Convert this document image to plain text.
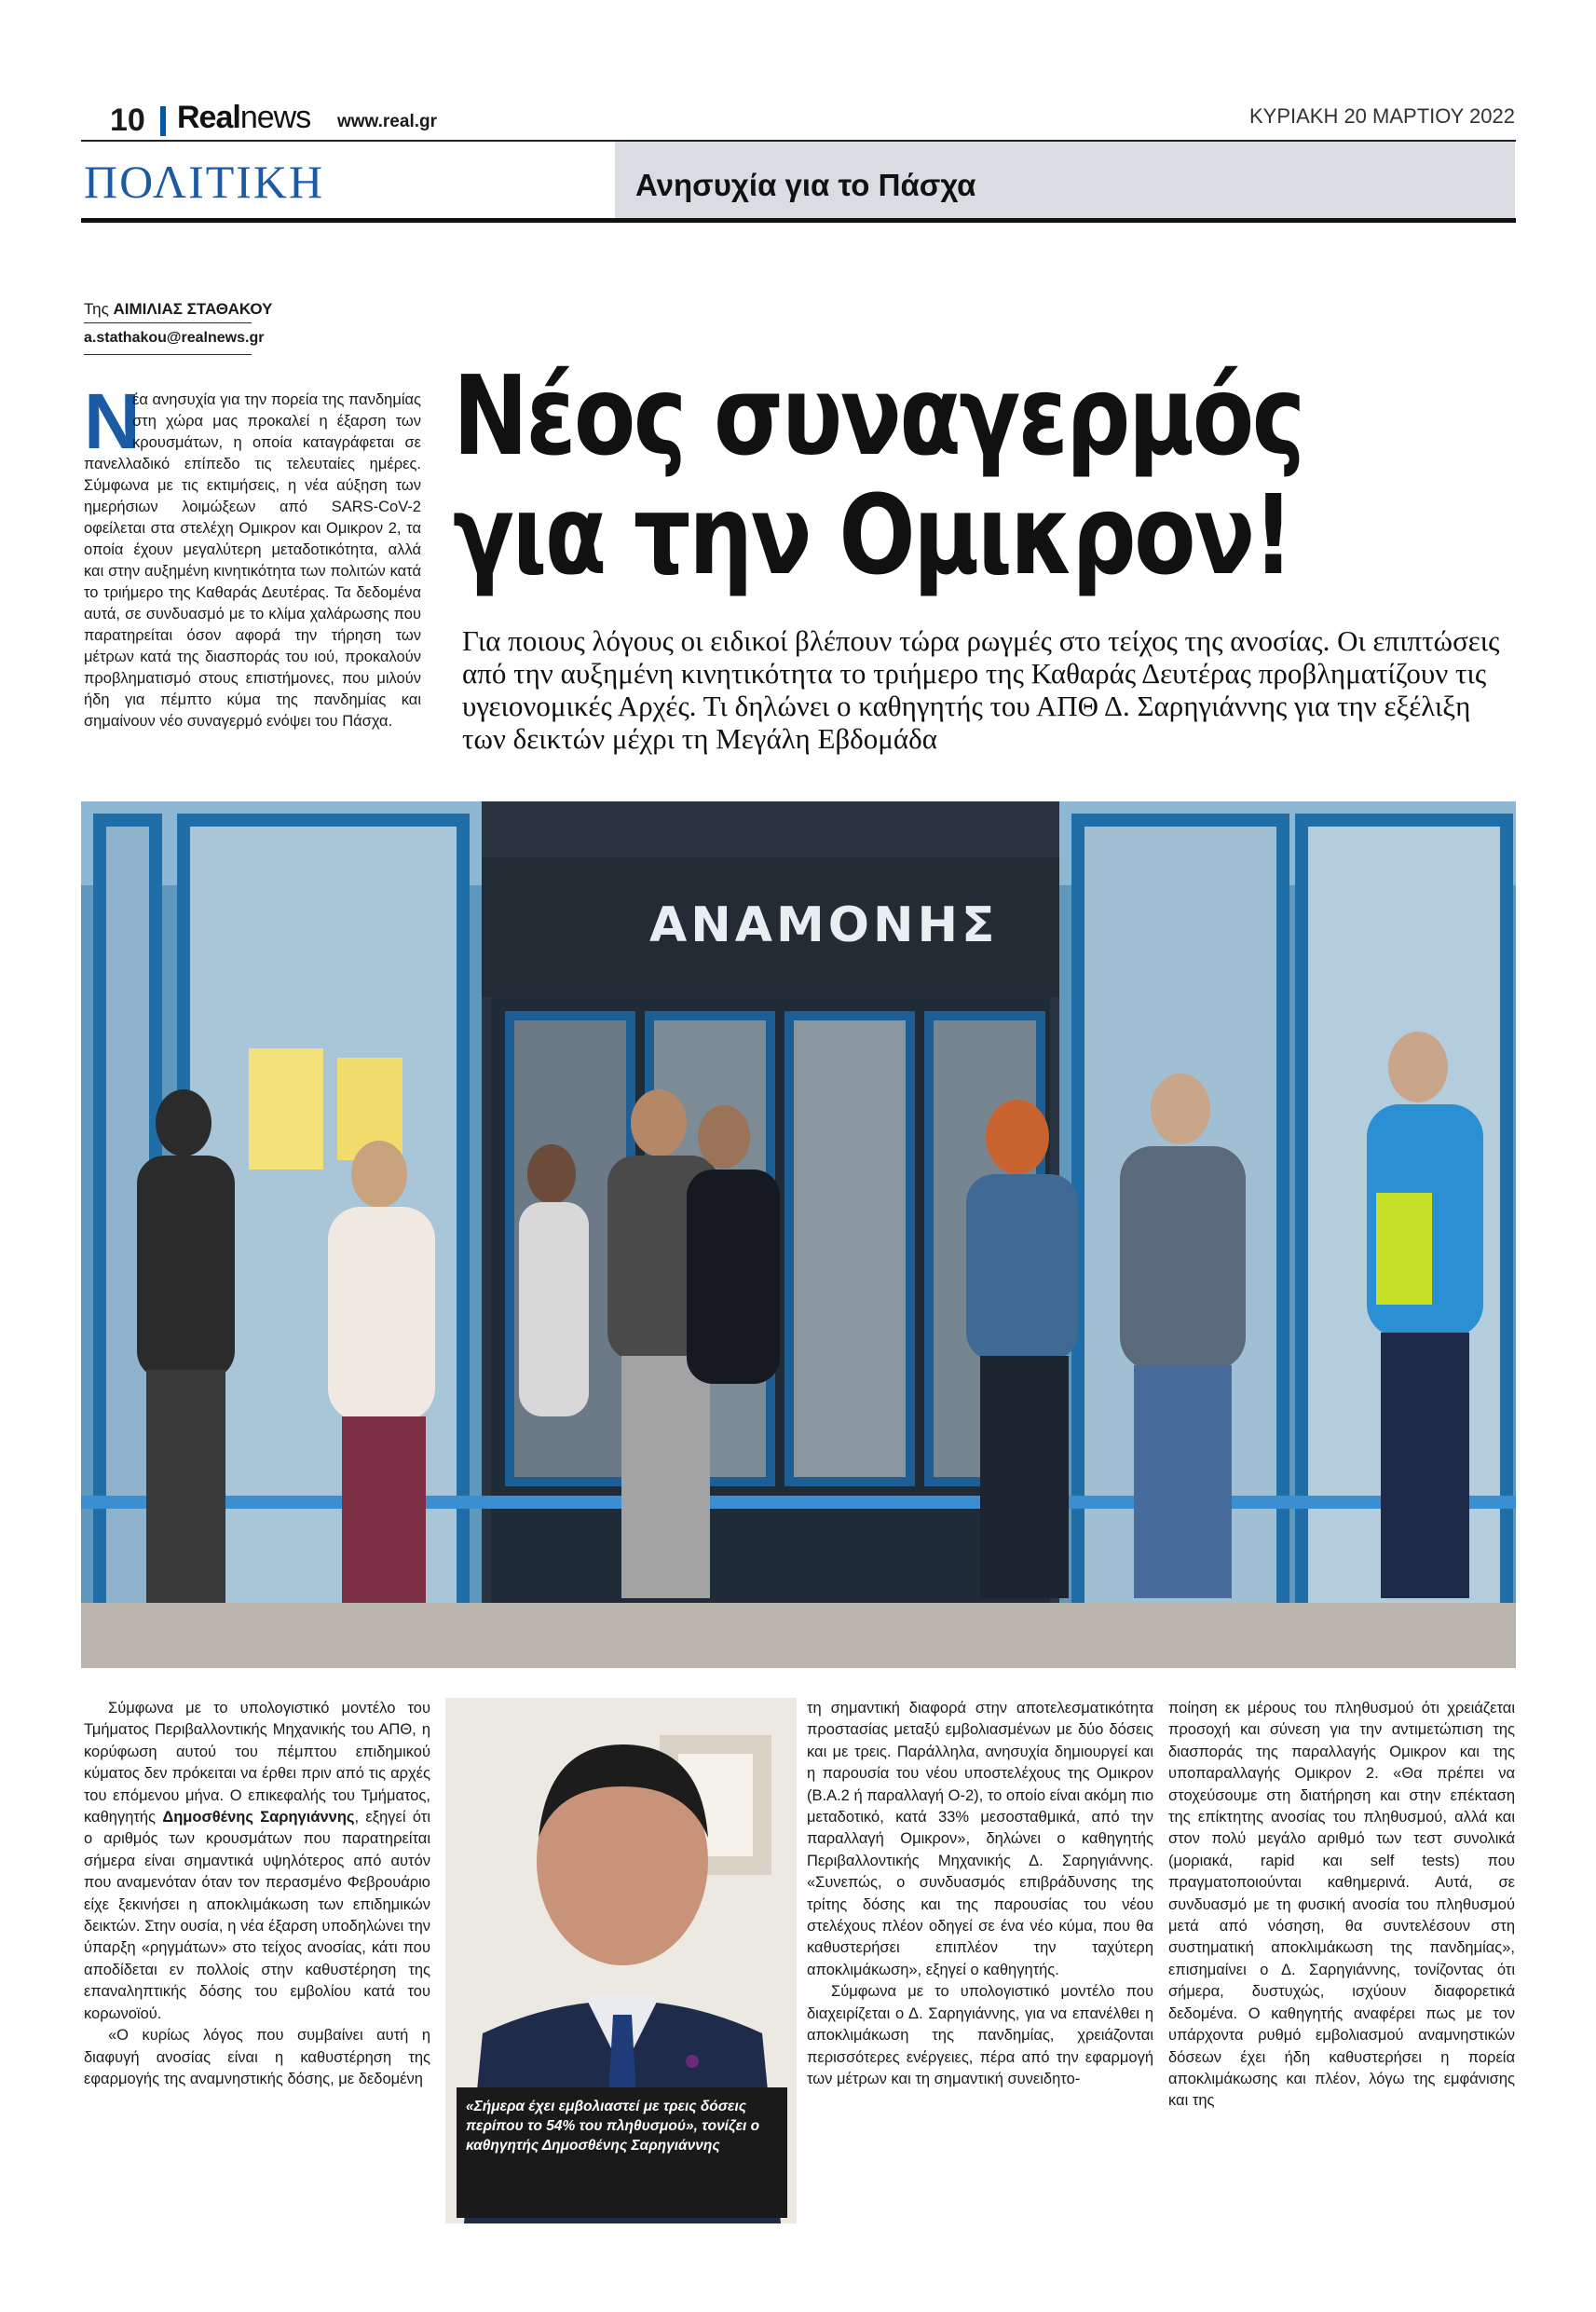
10 Realnews www.real.gr	ΚΥΡΙΑΚΗ 20 ΜΑΡΤΙΟΥ 2022
ΠΟΛΙΤΙΚΗ	Ανησυχία για το Πάσχα
Της ΑΙΜΙΛΙΑΣ ΣΤΑΘΑΚΟΥ
a.stathakou@realnews.gr
Ν
έα ανησυχία για την πορεία της πανδημίας στη χώρα μας προκαλεί η έξαρση των κρουσμάτων, η οποία καταγράφεται σε πανελλαδικό επίπεδο τις τελευταίες ημέρες. Σύμφωνα με τις εκτιμήσεις, η νέα αύξηση των ημερήσιων λοιμώξεων από SARS-CoV-2 οφείλεται στα στελέχη Ομικρον και Ομικρον 2, τα οποία έχουν μεγαλύτερη μεταδοτικότητα, αλλά και στην αυξημένη κινητικότητα των πολιτών κατά το τριήμερο της Καθαράς Δευτέρας. Τα δεδομένα αυτά, σε συνδυασμό με το κλίμα χαλάρωσης που παρατηρείται όσον αφορά την τήρηση των μέτρων κατά της διασποράς του ιού, προκαλούν προβληματισμό στους επιστήμονες, που μιλούν ήδη για πέμπτο κύμα της πανδημίας και σημαίνουν νέο συναγερμό ενόψει του Πάσχα.
Νέος συναγερμός
για την Ομικρον!
Για ποιους λόγους οι ειδικοί βλέπουν τώρα ρωγμές στο τείχος της ανοσίας. Οι επιπτώσεις από την αυξημένη κινητικότητα το τριήμερο της Καθαράς Δευτέρας προβληματίζουν τις υγειονομικές Αρχές. Τι δηλώνει ο καθηγητής του ΑΠΘ Δ. Σαρηγιάννης για την εξέλιξη των δεικτών μέχρι τη Μεγάλη Εβδομάδα
ΑΝΑΜΟΝΗΣ
«Σήμερα έχει εμβολιαστεί με τρεις δόσεις περίπου το 54% του πληθυσμού», τονίζει ο καθηγητής Δημοσθένης Σαρηγιάννης

Σύμφωνα με το υπολογιστικό μοντέλο του Τμήματος Περιβαλλοντικής Μηχανικής του ΑΠΘ, η κορύφωση αυτού του πέμπτου επιδημικού κύματος δεν πρόκειται να έρθει πριν από τις αρχές του επόμενου μήνα. Ο επικεφαλής του Τμήματος, καθηγητής Δημοσθένης Σαρηγιάννης, εξηγεί ότι ο αριθμός των κρουσμάτων που παρατηρείται σήμερα είναι σημαντικά υψηλότερος από αυτόν που αναμενόταν όταν τον περασμένο Φεβρουάριο είχε ξεκινήσει η αποκλιμάκωση των επιδημικών δεικτών. Στην ουσία, η νέα έξαρση υποδηλώνει την ύπαρξη «ρηγμάτων» στο τείχος ανοσίας, κάτι που αποδίδεται εν πολλοίς στην καθυστέρηση της επαναληπτικής δόσης του εμβολίου κατά του κορωνοϊού.

«Ο κυρίως λόγος που συμβαίνει αυτή η διαφυγή ανοσίας είναι η καθυστέρηση της εφαρμογής της αναμνηστικής δόσης, με δεδομένη

τη σημαντική διαφορά στην αποτελεσματικότητα προστασίας μεταξύ εμβολιασμένων με δύο δόσεις και με τρεις. Παράλληλα, ανησυχία δημιουργεί και η παρουσία του νέου υποστελέχους της Ομικρον (B.A.2 ή παραλλαγή Ο-2), το οποίο είναι ακόμη πιο μεταδοτικό, κατά 33% μεσοσταθμικά, από την παραλλαγή Ομικρον», δηλώνει ο καθηγητής Περιβαλλοντικής Μηχανικής Δ. Σαρηγιάννης. «Συνεπώς, ο συνδυασμός επιβράδυνσης της τρίτης δόσης και της παρουσίας του νέου στελέχους πλέον οδηγεί σε ένα νέο κύμα, που θα καθυστερήσει επιπλέον την ταχύτερη αποκλιμάκωση», εξηγεί ο καθηγητής.

Σύμφωνα με το υπολογιστικό μοντέλο που διαχειρίζεται ο Δ. Σαρηγιάννης, για να επανέλθει η αποκλιμάκωση της πανδημίας, χρειάζονται περισσότερες ενέργειες, πέρα από την εφαρμογή των μέτρων και τη σημαντική συνειδητο-

ποίηση εκ μέρους του πληθυσμού ότι χρειάζεται προσοχή και σύνεση για την αντιμετώπιση της διασποράς της παραλλαγής Ομικρον και της υποπαραλλαγής Ομικρον 2. «Θα πρέπει να στοχεύσουμε στη διατήρηση και στην επέκταση της επίκτητης ανοσίας του πληθυσμού, αλλά και στον πολύ μεγάλο αριθμό των τεστ συνολικά (μοριακά, rapid και self tests) που πραγματοποιούνται καθημερινά. Αυτά, σε συνδυασμό με τη φυσική ανοσία του πληθυσμού μετά από νόσηση, θα συντελέσουν στη συστηματική αποκλιμάκωση της πανδημίας», επισημαίνει ο Δ. Σαρηγιάννης, τονίζοντας ότι σήμερα, δυστυχώς, ισχύουν διαφορετικά δεδομένα. Ο καθηγητής αναφέρει πως με τον υπάρχοντα ρυθμό εμβολιασμού αναμνηστικών δόσεων έχει ήδη καθυστερήσει η πορεία αποκλιμάκωσης και πλέον, λόγω της εμφάνισης και της
